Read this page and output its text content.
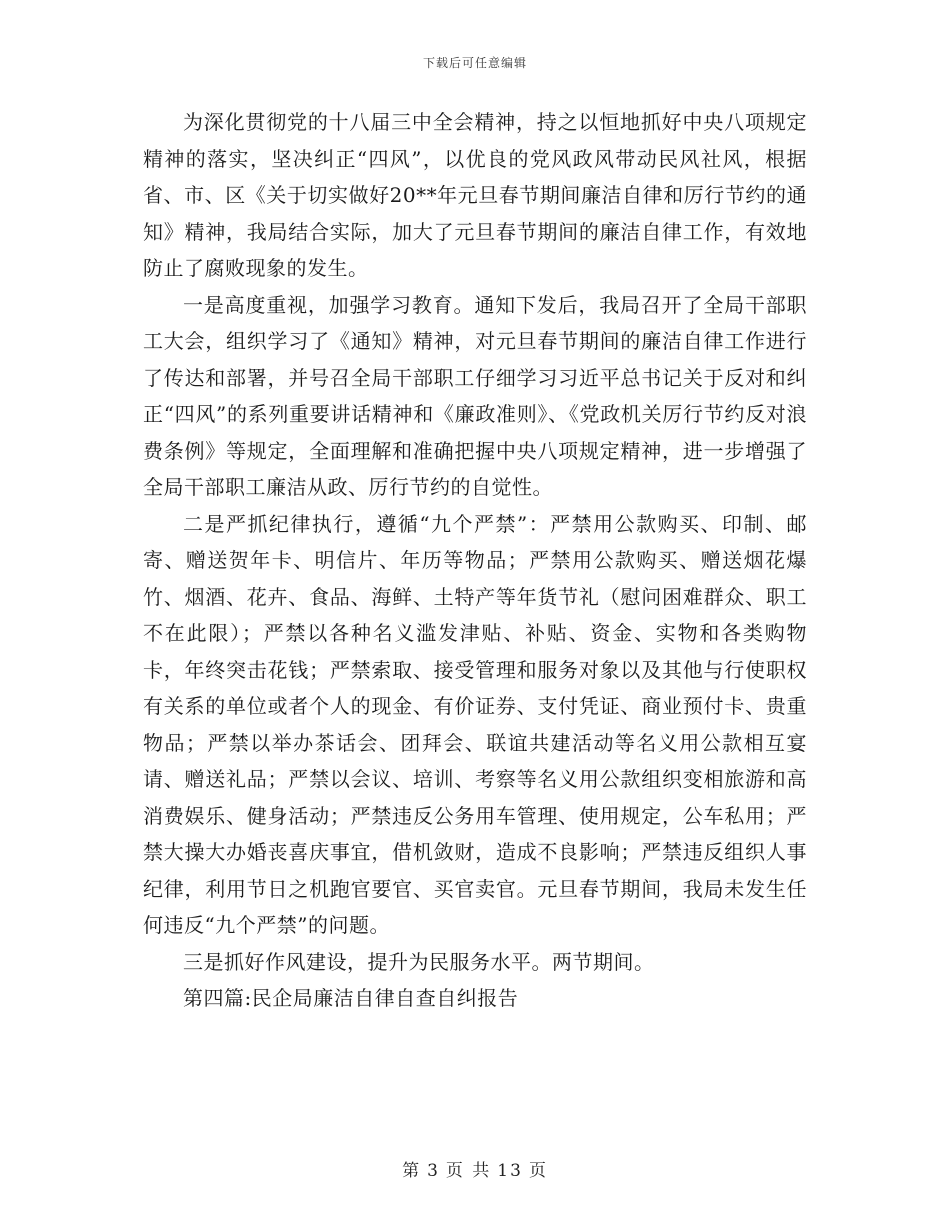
下载后可任意编辑

为深化贯彻党的十八届三中全会精神，持之以恒地抓好中央八项规定精神的落实，坚决纠正“四风”，以优良的党风政风带动民风社风，根据省、市、区《关于切实做好20**年元旦春节期间廉洁自律和厉行节约的通知》精神，我局结合实际，加大了元旦春节期间的廉洁自律工作，有效地防止了腐败现象的发生。

一是高度重视，加强学习教育。通知下发后，我局召开了全局干部职工大会，组织学习了《通知》精神，对元旦春节期间的廉洁自律工作进行了传达和部署，并号召全局干部职工仔细学习习近平总书记关于反对和纠正“四风”的系列重要讲话精神和《廉政准则》、《党政机关厉行节约反对浪费条例》等规定，全面理解和准确把握中央八项规定精神，进一步增强了全局干部职工廉洁从政、厉行节约的自觉性。

二是严抓纪律执行，遵循“九个严禁”：严禁用公款购买、印制、邮寄、赠送贺年卡、明信片、年历等物品；严禁用公款购买、赠送烟花爆竹、烟酒、花卉、食品、海鲜、土特产等年货节礼（慰问困难群众、职工不在此限）；严禁以各种名义滥发津贴、补贴、资金、实物和各类购物卡，年终突击花钱；严禁索取、接受管理和服务对象以及其他与行使职权有关系的单位或者个人的现金、有价证券、支付凭证、商业预付卡、贵重物品；严禁以举办茶话会、团拜会、联谊共建活动等名义用公款相互宴请、赠送礼品；严禁以会议、培训、考察等名义用公款组织变相旅游和高消费娱乐、健身活动；严禁违反公务用车管理、使用规定，公车私用；严禁大操大办婚丧喜庆事宜，借机敛财，造成不良影响；严禁违反组织人事纪律，利用节日之机跑官要官、买官卖官。元旦春节期间，我局未发生任何违反“九个严禁”的问题。

三是抓好作风建设，提升为民服务水平。两节期间。

第四篇:民企局廉洁自律自查自纠报告

第 3 页 共 13 页
